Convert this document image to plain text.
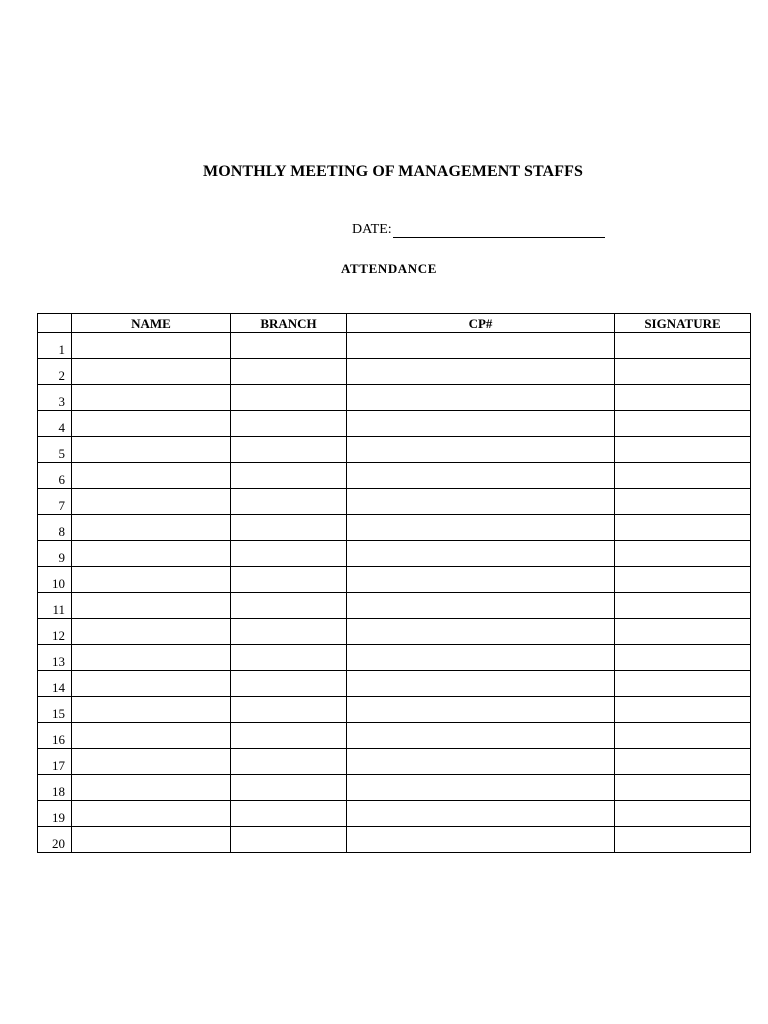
MONTHLY MEETING OF MANAGEMENT STAFFS
DATE:
ATTENDANCE
	NAME	BRANCH	CP#	SIGNATURE
1				
2				
3				
4				
5				
6				
7				
8				
9				
10				
11				
12				
13				
14				
15				
16				
17				
18				
19				
20				
